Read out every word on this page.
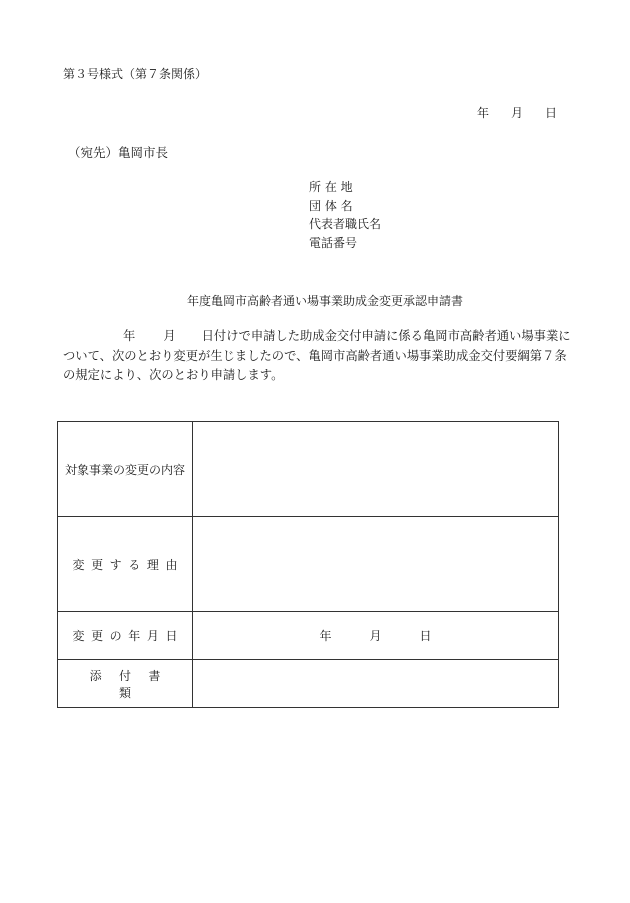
第３号様式（第７条関係）
年 月 日
（宛先）亀岡市長
所 在 地
団 体 名
代表者職氏名
電話番号
年度亀岡市高齢者通い場事業助成金変更承認申請書
年 月 日付けで申請した助成金交付申請に係る亀岡市高齢者通い場事業に
ついて、次のとおり変更が生じましたので、亀岡市高齢者通い場事業助成金交付要綱第７条
の規定により、次のとおり申請します。
対象事業の変更の内容	
変更する理由	
変更の年月日	年 月 日
添付書類	
